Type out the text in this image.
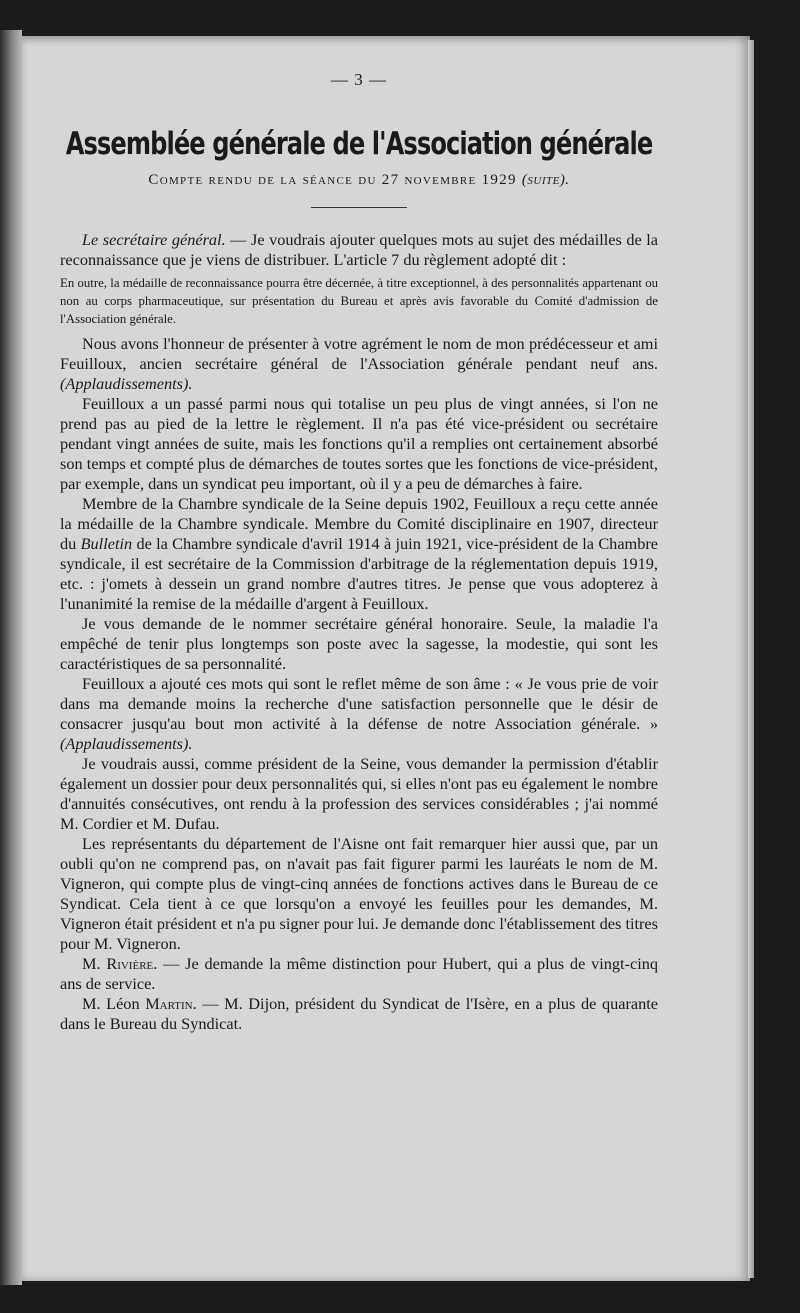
— 3 —
Assemblée générale de l'Association générale
Compte rendu de la séance du 27 novembre 1929 (suite).

Le secrétaire général. — Je voudrais ajouter quelques mots au sujet des médailles de la reconnaissance que je viens de distribuer. L'article 7 du règlement adopté dit :

En outre, la médaille de reconnaissance pourra être décernée, à titre exceptionnel, à des personnalités appartenant ou non au corps pharmaceutique, sur présentation du Bureau et après avis favorable du Comité d'admission de l'Association générale.

Nous avons l'honneur de présenter à votre agrément le nom de mon prédécesseur et ami Feuilloux, ancien secrétaire général de l'Association générale pendant neuf ans. (Applaudissements).

Feuilloux a un passé parmi nous qui totalise un peu plus de vingt années, si l'on ne prend pas au pied de la lettre le règlement. Il n'a pas été vice-président ou secrétaire pendant vingt années de suite, mais les fonctions qu'il a remplies ont certainement absorbé son temps et compté plus de démarches de toutes sortes que les fonctions de vice-président, par exemple, dans un syndicat peu important, où il y a peu de démarches à faire.

Membre de la Chambre syndicale de la Seine depuis 1902, Feuilloux a reçu cette année la médaille de la Chambre syndicale. Membre du Comité disciplinaire en 1907, directeur du Bulletin de la Chambre syndicale d'avril 1914 à juin 1921, vice-président de la Chambre syndicale, il est secrétaire de la Commission d'arbitrage de la réglementation depuis 1919, etc. : j'omets à dessein un grand nombre d'autres titres. Je pense que vous adopterez à l'unanimité la remise de la médaille d'argent à Feuilloux.

Je vous demande de le nommer secrétaire général honoraire. Seule, la maladie l'a empêché de tenir plus longtemps son poste avec la sagesse, la modestie, qui sont les caractéristiques de sa personnalité.

Feuilloux a ajouté ces mots qui sont le reflet même de son âme : « Je vous prie de voir dans ma demande moins la recherche d'une satisfaction personnelle que le désir de consacrer jusqu'au bout mon activité à la défense de notre Association générale. » (Applaudissements).

Je voudrais aussi, comme président de la Seine, vous demander la permission d'établir également un dossier pour deux personnalités qui, si elles n'ont pas eu également le nombre d'annuités consécutives, ont rendu à la profession des services considérables ; j'ai nommé M. Cordier et M. Dufau.

Les représentants du département de l'Aisne ont fait remarquer hier aussi que, par un oubli qu'on ne comprend pas, on n'avait pas fait figurer parmi les lauréats le nom de M. Vigneron, qui compte plus de vingt-cinq années de fonctions actives dans le Bureau de ce Syndicat. Cela tient à ce que lorsqu'on a envoyé les feuilles pour les demandes, M. Vigneron était président et n'a pu signer pour lui. Je demande donc l'établissement des titres pour M. Vigneron.

M. Rivière. — Je demande la même distinction pour Hubert, qui a plus de vingt-cinq ans de service.

M. Léon Martin. — M. Dijon, président du Syndicat de l'Isère, en a plus de quarante dans le Bureau du Syndicat.
